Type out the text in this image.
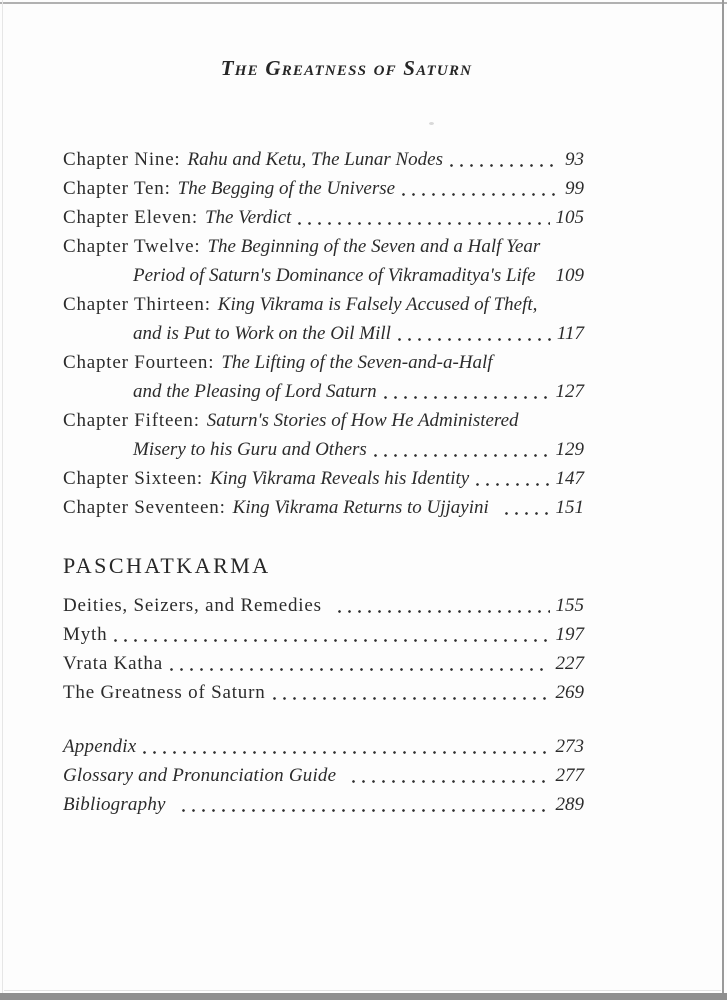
The Greatness of Saturn
Chapter Nine: Rahu and Ketu, The Lunar Nodes	93
Chapter Ten: The Begging of the Universe	99
Chapter Eleven: The Verdict	105
Chapter Twelve: The Beginning of the Seven and a Half Year
Period of Saturn's Dominance of Vikramaditya's Life 109
Chapter Thirteen: King Vikrama is Falsely Accused of Theft,
and is Put to Work on the Oil Mill	117
Chapter Fourteen: The Lifting of the Seven-and-a-Half
and the Pleasing of Lord Saturn	127
Chapter Fifteen: Saturn's Stories of How He Administered
Misery to his Guru and Others	129
Chapter Sixteen: King Vikrama Reveals his Identity	147
Chapter Seventeen: King Vikrama Returns to Ujjayini	151
PASCHATKARMA
Deities, Seizers, and Remedies	155
Myth	197
Vrata Katha	227
The Greatness of Saturn	269
Appendix	273
Glossary and Pronunciation Guide	277
Bibliography	289
